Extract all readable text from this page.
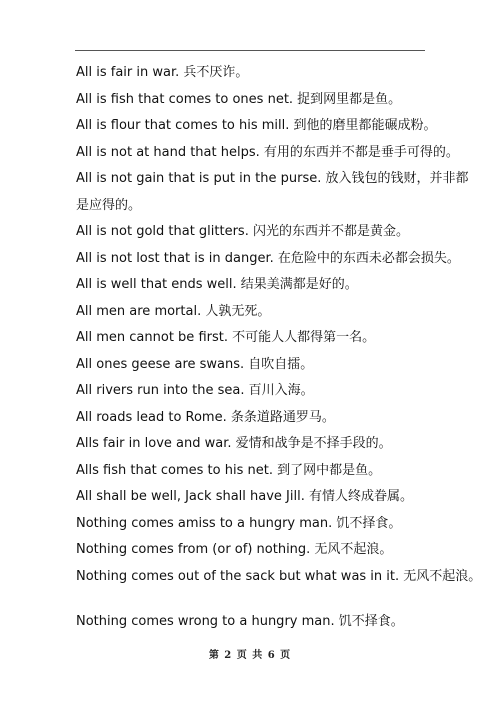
All is fair in war. 兵不厌诈。
All is fish that comes to ones net. 捉到网里都是鱼。
All is flour that comes to his mill. 到他的磨里都能碾成粉。
All is not at hand that helps. 有用的东西并不都是垂手可得的。
All is not gain that is put in the purse. 放入钱包的钱财，并非都
是应得的。
All is not gold that glitters. 闪光的东西并不都是黄金。
All is not lost that is in danger. 在危险中的东西未必都会损失。
All is well that ends well. 结果美满都是好的。
All men are mortal. 人孰无死。
All men cannot be first. 不可能人人都得第一名。
All ones geese are swans. 自吹自擂。
All rivers run into the sea. 百川入海。
All roads lead to Rome. 条条道路通罗马。
Alls fair in love and war. 爱情和战争是不择手段的。
Alls fish that comes to his net. 到了网中都是鱼。
All shall be well, Jack shall have Jill. 有情人终成眷属。
Nothing comes amiss to a hungry man. 饥不择食。
Nothing comes from (or of) nothing. 无风不起浪。
Nothing comes out of the sack but what was in it. 无风不起浪。
Nothing comes wrong to a hungry man. 饥不择食。
第 2 页 共 6 页
